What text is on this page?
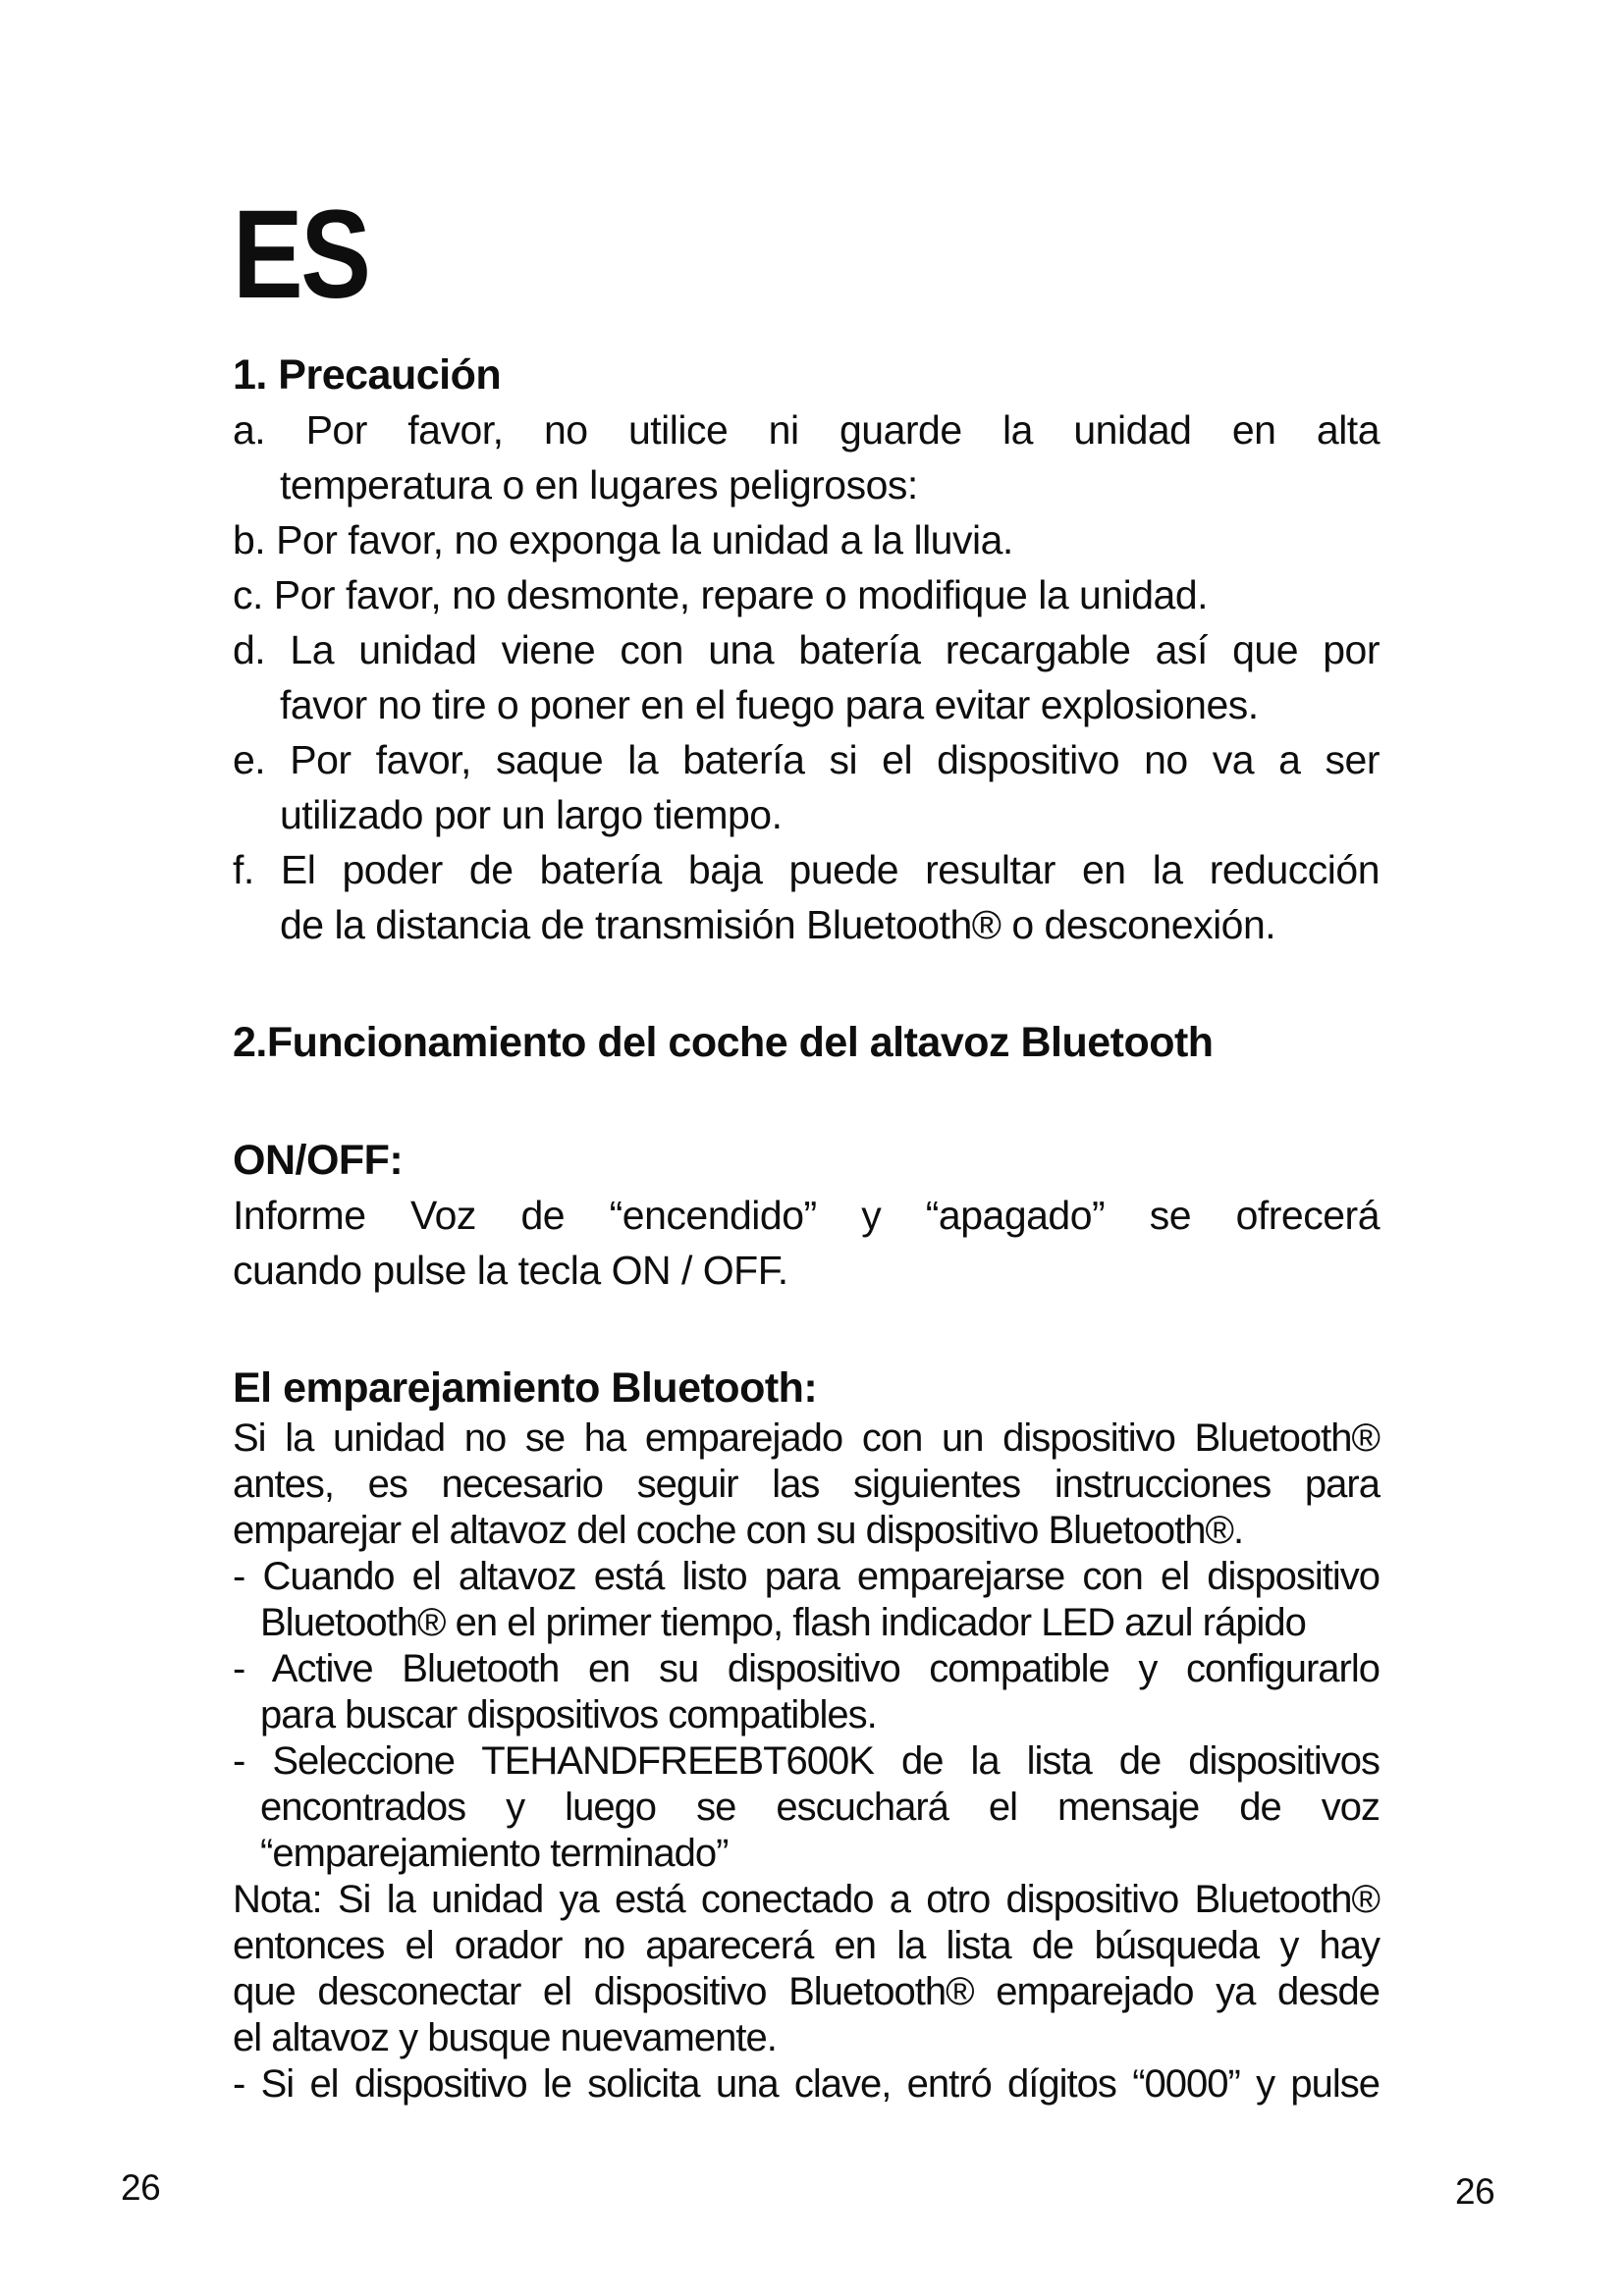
ES
1. Precaución
a. Por favor, no utilice ni guarde la unidad en alta
temperatura o en lugares peligrosos:
b. Por favor, no exponga la unidad a la lluvia.
c. Por favor, no desmonte, repare o modifique la unidad.
d. La unidad viene con una batería recargable así que por
favor no tire o poner en el fuego para evitar explosiones.
e. Por favor, saque la batería si el dispositivo no va a ser
utilizado por un largo tiempo.
f. El poder de batería baja puede resultar en la reducción
de la distancia de transmisión Bluetooth® o desconexión.
2.Funcionamiento del coche del altavoz Bluetooth
ON/OFF:
Informe Voz de “encendido” y “apagado” se ofrecerá
cuando pulse la tecla ON / OFF.
El emparejamiento Bluetooth:
Si la unidad no se ha emparejado con un dispositivo Bluetooth®
antes, es necesario seguir las siguientes instrucciones para
emparejar el altavoz del coche con su dispositivo Bluetooth®.
- Cuando el altavoz está listo para emparejarse con el dispositivo
Bluetooth® en el primer tiempo, flash indicador LED azul rápido
- Active Bluetooth en su dispositivo compatible y configurarlo
para buscar dispositivos compatibles.
- Seleccione TEHANDFREEBT600K de la lista de dispositivos
encontrados y luego se escuchará el mensaje de voz
“emparejamiento terminado”
Nota: Si la unidad ya está conectado a otro dispositivo Bluetooth®
entonces el orador no aparecerá en la lista de búsqueda y hay
que desconectar el dispositivo Bluetooth® emparejado ya desde
el altavoz y busque nuevamente.
- Si el dispositivo le solicita una clave, entró dígitos “0000” y pulse
26	26
